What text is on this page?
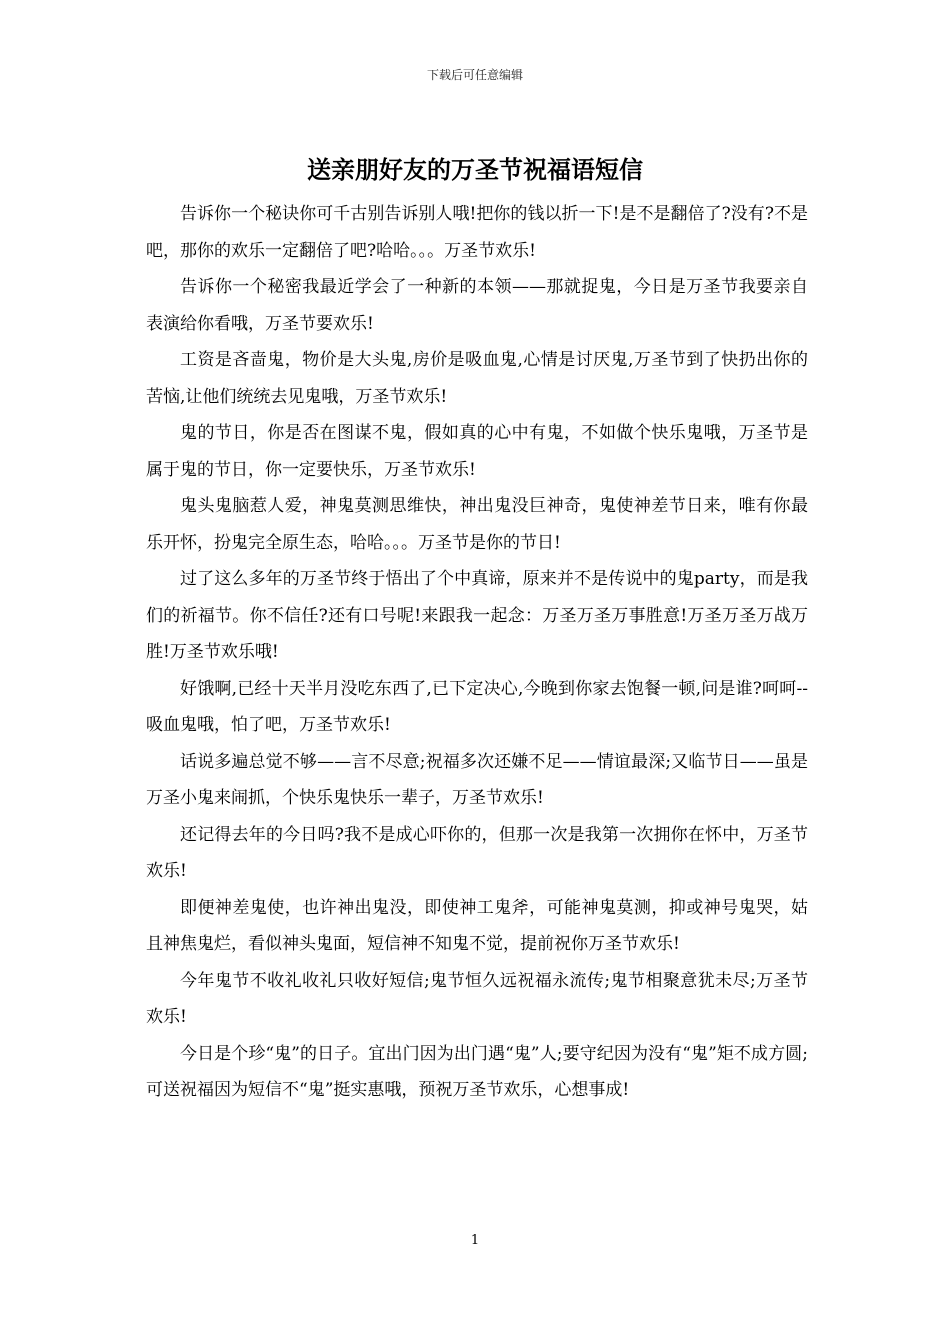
下载后可任意编辑
送亲朋好友的万圣节祝福语短信

告诉你一个秘诀你可千古别告诉别人哦!把你的钱以折一下!是不是翻倍了?没有?不是吧，那你的欢乐一定翻倍了吧?哈哈。。。万圣节欢乐!

告诉你一个秘密我最近学会了一种新的本领——那就捉鬼，今日是万圣节我要亲自表演给你看哦，万圣节要欢乐!

工资是吝啬鬼，物价是大头鬼,房价是吸血鬼,心情是讨厌鬼,万圣节到了快扔出你的苦恼,让他们统统去见鬼哦，万圣节欢乐!

鬼的节日，你是否在图谋不鬼，假如真的心中有鬼，不如做个快乐鬼哦，万圣节是属于鬼的节日，你一定要快乐，万圣节欢乐!

鬼头鬼脑惹人爱，神鬼莫测思维快，神出鬼没巨神奇，鬼使神差节日来，唯有你最乐开怀，扮鬼完全原生态，哈哈。。。万圣节是你的节日!

过了这么多年的万圣节终于悟出了个中真谛，原来并不是传说中的鬼party，而是我们的祈福节。你不信任?还有口号呢!来跟我一起念：万圣万圣万事胜意!万圣万圣万战万胜!万圣节欢乐哦!

好饿啊,已经十天半月没吃东西了,已下定决心,今晚到你家去饱餐一顿,问是谁?呵呵--吸血鬼哦，怕了吧，万圣节欢乐!

话说多遍总觉不够——言不尽意;祝福多次还嫌不足——情谊最深;又临节日——虽是万圣小鬼来闹抓，个快乐鬼快乐一辈子，万圣节欢乐!

还记得去年的今日吗?我不是成心吓你的，但那一次是我第一次拥你在怀中，万圣节欢乐!

即便神差鬼使，也许神出鬼没，即使神工鬼斧，可能神鬼莫测，抑或神号鬼哭，姑且神焦鬼烂，看似神头鬼面，短信神不知鬼不觉，提前祝你万圣节欢乐!

今年鬼节不收礼收礼只收好短信;鬼节恒久远祝福永流传;鬼节相聚意犹未尽;万圣节欢乐!

今日是个珍“鬼”的日子。宜出门因为出门遇“鬼”人;要守纪因为没有“鬼”矩不成方圆;可送祝福因为短信不“鬼”挺实惠哦，预祝万圣节欢乐，心想事成!

1
